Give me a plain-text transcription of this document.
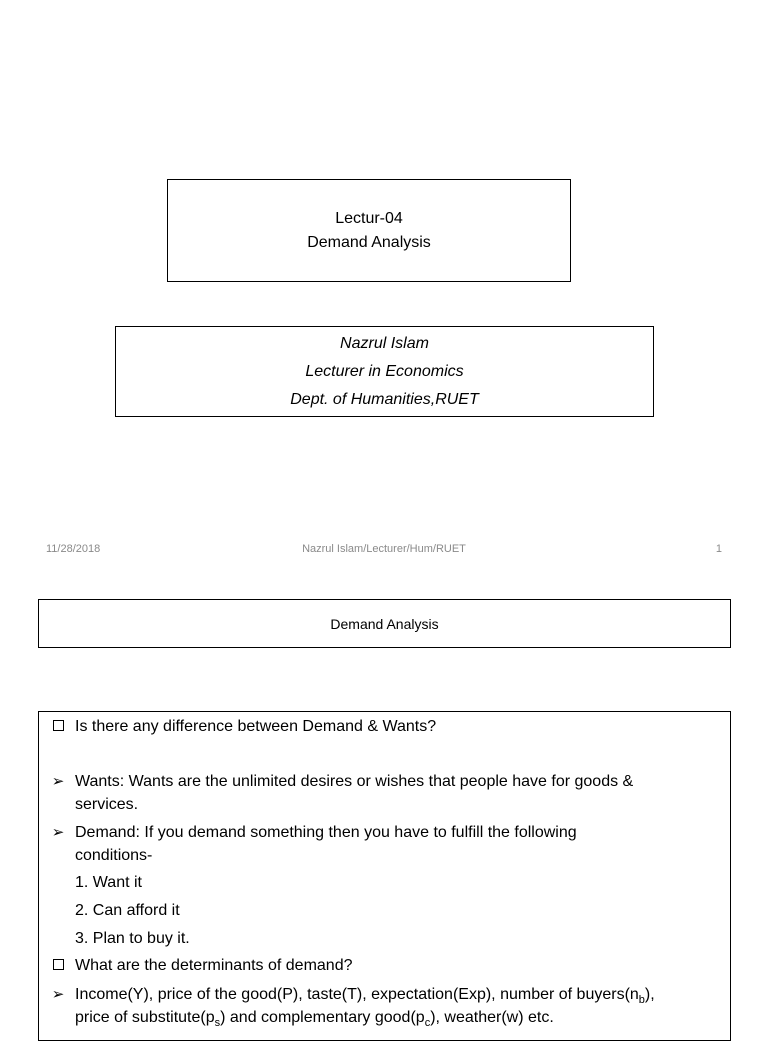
Lectur-04
Demand Analysis
Nazrul Islam
Lecturer in Economics
Dept. of Humanities,RUET
11/28/2018	Nazrul Islam/Lecturer/Hum/RUET	1
Demand Analysis
Is there any difference between Demand & Wants?
➢ Wants: Wants are the unlimited desires or wishes that people have for goods &
services.
➢ Demand: If you demand something then you have to fulfill the following
conditions-
1. Want it
2. Can afford it
3. Plan to buy it.
What are the determinants of demand?
➢ Income(Y), price of the good(P), taste(T), expectation(Exp), number of $buyers(n_b)$,
price of $substitute(p_s)$ and complementary $good(p_c)$, weather(w) etc.
